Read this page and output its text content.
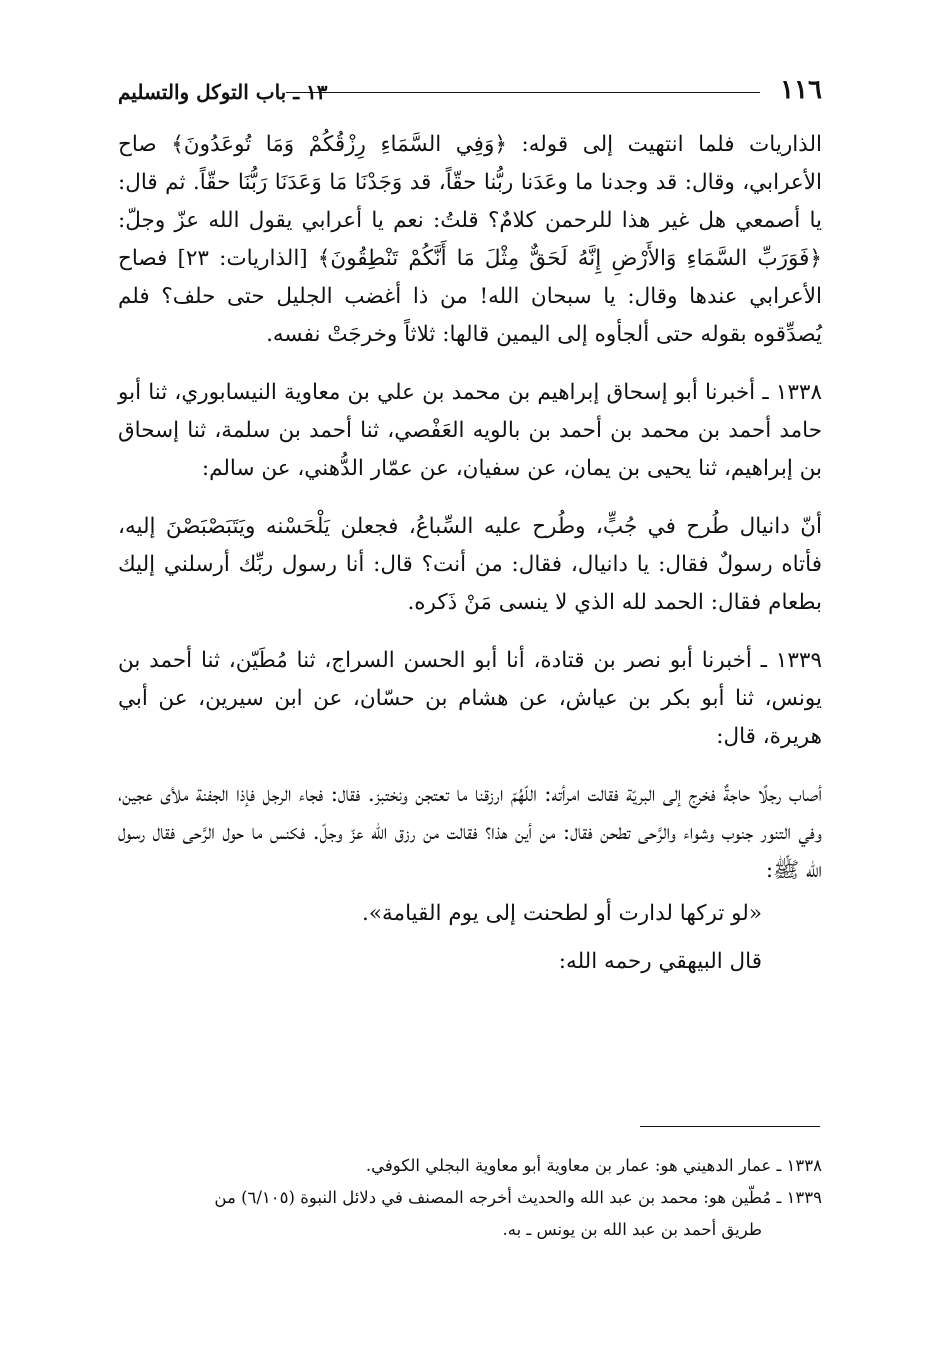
١١٦
١٣ ـ باب التوكل والتسليم

الذاريات فلما انتهيت إلى قوله: ﴿وَفِي السَّمَاءِ رِزْقُكُمْ وَمَا تُوعَدُونَ﴾ صاح الأعرابي، وقال: قد وجدنا ما وعَدَنا ربُّنا حقّاً، قد وَجَدْنَا مَا وَعَدَنَا رَبُّنَا حقّاً. ثم قال: يا أصمعي هل غير هذا للرحمن كلامٌ؟ قلتُ: نعم يا أعرابي يقول الله عزّ وجلّ: ﴿فَوَرَبِّ السَّمَاءِ وَالأَرْضِ إِنَّهُ لَحَقٌّ مِثْلَ مَا أَنَّكُمْ تَنْطِقُونَ﴾ [الذاريات: ٢٣] فصاح الأعرابي عندها وقال: يا سبحان الله! من ذا أغضب الجليل حتى حلف؟ فلم يُصدِّقوه بقوله حتى ألجأوه إلى اليمين قالها: ثلاثاً وخرجَتْ نفسه.

١٣٣٨ ـ أخبرنا أبو إسحاق إبراهيم بن محمد بن علي بن معاوية النيسابوري، ثنا أبو حامد أحمد بن محمد بن أحمد بن بالويه العَفْصي، ثنا أحمد بن سلمة، ثنا إسحاق بن إبراهيم، ثنا يحيى بن يمان، عن سفيان، عن عمّار الدُّهني، عن سالم:

أنّ دانيال طُرح في جُبٍّ، وطُرح عليه السِّباعُ، فجعلن يَلْحَسْنه ويَتَبَصْبَصْنَ إليه، فأتاه رسولٌ فقال: يا دانيال، فقال: من أنت؟ قال: أنا رسول ربِّك أرسلني إليك بطعام فقال: الحمد لله الذي لا ينسى مَنْ ذَكره.

١٣٣٩ ـ أخبرنا أبو نصر بن قتادة، أنا أبو الحسن السراج، ثنا مُطَيّن، ثنا أحمد بن يونس، ثنا أبو بكر بن عياش، عن هشام بن حسّان، عن ابن سيرين، عن أبي هريرة، قال:

أصاب رجلًا حاجةٌ فخرج إلى البريّة فقالت امرأته: اللّهُمّ ارزقنا ما تعتجن ونختبز. فقال: فجاء الرجل فإذا الجفنة ملأى عجين، وفي التنور جنوب وشواء والرَّحى تطحن فقال: من أين هذا؟ فقالت من رزق الله عزّ وجلّ. فكنس ما حول الرَّحى فقال رسول الله ﷺ:

«لو تركها لدارت أو لطحنت إلى يوم القيامة».

قال البيهقي رحمه الله:

١٣٣٨ ـ عمار الدهيني هو: عمار بن معاوية أبو معاوية البجلي الكوفي.

١٣٣٩ ـ مُطّين هو: محمد بن عبد الله والحديث أخرجه المصنف في دلائل النبوة (٦/١٠٥) من

طريق أحمد بن عبد الله بن يونس ـ به.
